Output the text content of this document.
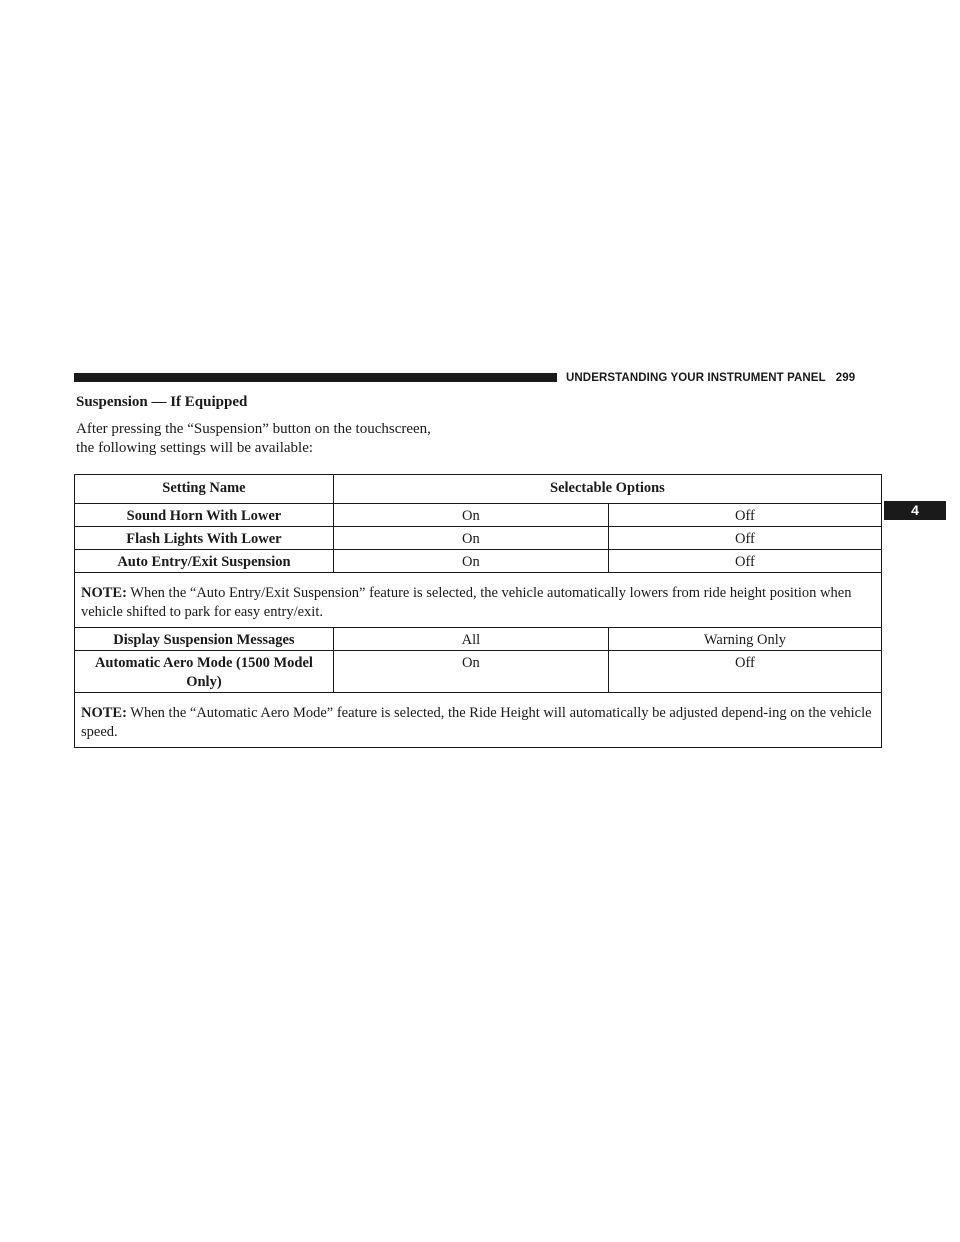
UNDERSTANDING YOUR INSTRUMENT PANEL 299
4
Suspension — If Equipped
After pressing the “Suspension” button on the touchscreen,
the following settings will be available:
Setting Name	Selectable Options	
Sound Horn With Lower	On	Off
Flash Lights With Lower	On	Off
Auto Entry/Exit Suspension	On	Off
NOTE: When the “Auto Entry/Exit Suspension” feature is selected, the vehicle automatically lowers from ride height position when vehicle shifted to park for easy entry/exit.		
Display Suspension Messages	All	Warning Only
Automatic Aero Mode (1500 Model Only)	On	Off
NOTE: When the “Automatic Aero Mode” feature is selected, the Ride Height will automatically be adjusted depend-ing on the vehicle speed.		
